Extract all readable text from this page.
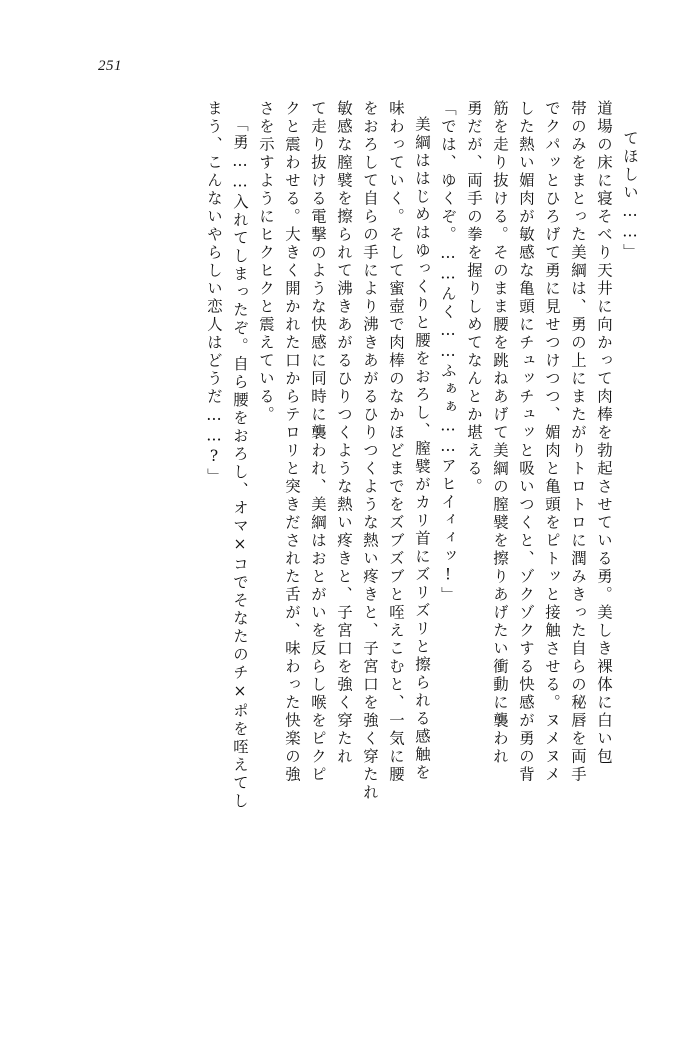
251
てほしい……」
道場の床に寝そべり天井に向かって肉棒を勃起させている勇。美しき裸体に白い包
帯のみをまとった美綱は、勇の上にまたがりトロトロに潤みきった自らの秘唇を両手
でクパッとひろげて勇に見せつけつつ、媚肉と亀頭をピトッと接触させる。ヌメヌメ
した熱い媚肉が敏感な亀頭にチュッチュッと吸いつくと、ゾクゾクする快感が勇の背
筋を走り抜ける。そのまま腰を跳ねあげて美綱の膣襞を擦りあげたい衝動に襲われ
勇だが、両手の拳を握りしめてなんとか堪える。
「では、ゆくぞ。……んく……ふぁぁ……アヒイィィッ!」
美綱ははじめはゆっくりと腰をおろし、膣襞がカリ首にズリズリと擦られる感触を
味わっていく。そして蜜壺で肉棒のなかほどまでをズブズブと咥えこむと、一気に腰
をおろして自らの手により沸きあがるひりつくような熱い疼きと、子宮口を強く穿たれ
敏感な膣襞を擦られて沸きあがるひりつくような熱い疼きと、子宮口を強く穿たれ
て走り抜ける電撃のような快感に同時に襲われ、美綱はおとがいを反らし喉をピクピ
クと震わせる。大きく開かれた口からテロリと突きだされた舌が、味わった快楽の強
さを示すようにヒクヒクと震えている。
「勇……入れてしまったぞ。自ら腰をおろし、オマ×コでそなたのチ×ポを咥えてし
まう、こんないやらしい恋人はどうだ……?」
